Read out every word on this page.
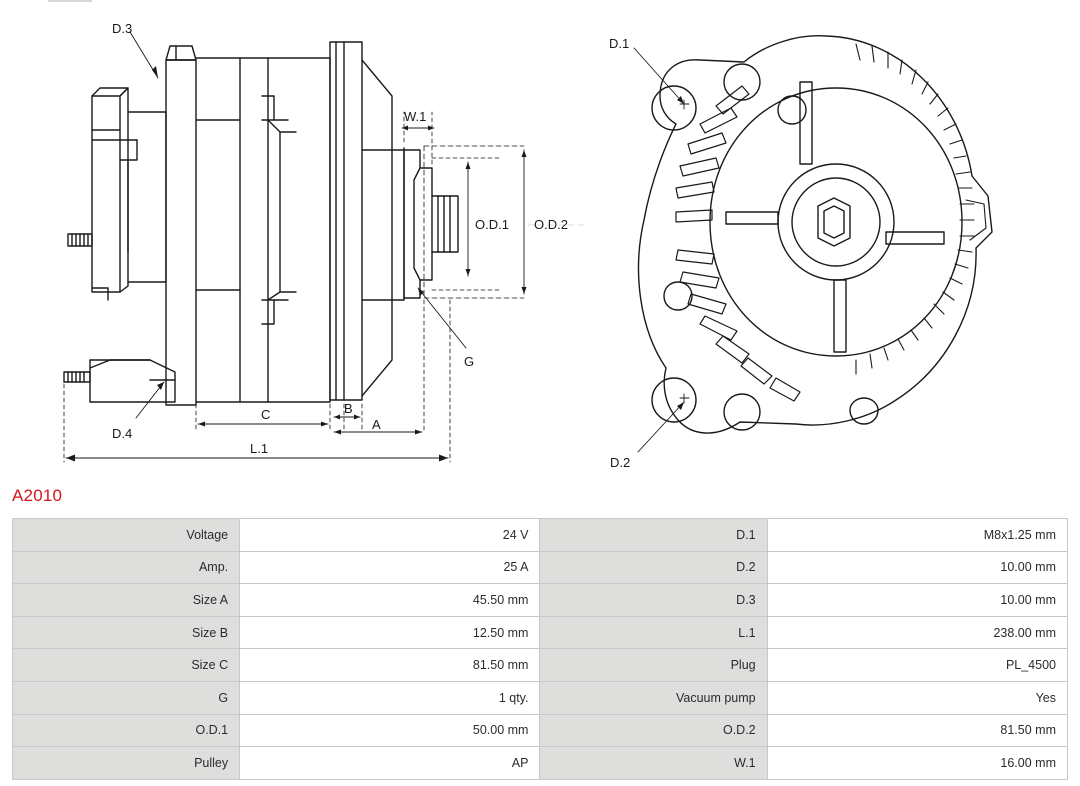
D.3
D.4
W.1
O.D.1 O.D.2
G
A
B
C
L.1
D.1
D.2
A2010
Voltage	24 V	D.1	M8x1.25 mm
Amp.	25 A	D.2	10.00 mm
Size A	45.50 mm	D.3	10.00 mm
Size B	12.50 mm	L.1	238.00 mm
Size C	81.50 mm	Plug	PL_4500
G	1 qty.	Vacuum pump	Yes
O.D.1	50.00 mm	O.D.2	81.50 mm
Pulley	AP	W.1	16.00 mm
